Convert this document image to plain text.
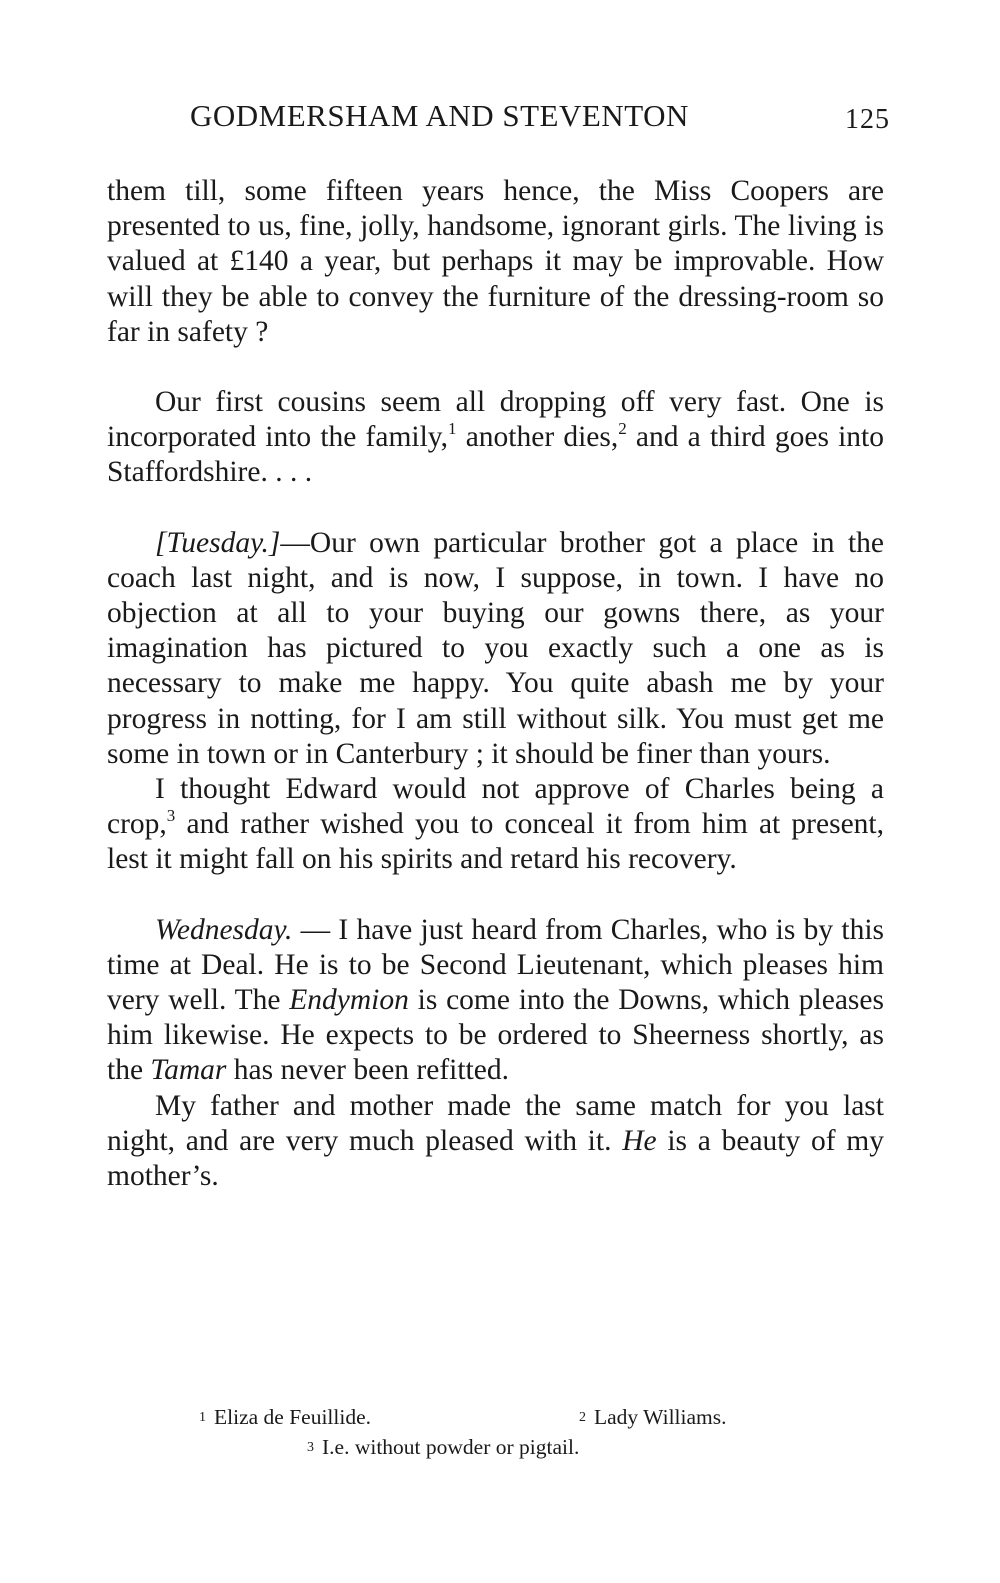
GODMERSHAM AND STEVENTON	125

them till, some fifteen years hence, the Miss Coopers are presented to us, fine, jolly, handsome, ignorant girls. The living is valued at £140 a year, but perhaps it may be improvable. How will they be able to convey the furniture of the dressing-room so far in safety ?

Our first cousins seem all dropping off very fast. One is incorporated into the family,$^1$ another dies,$^2$ and a third goes into Staffordshire. . . .

[Tuesday.]—Our own particular brother got a place in the coach last night, and is now, I suppose, in town. I have no objection at all to your buying our gowns there, as your imagination has pictured to you exactly such a one as is necessary to make me happy. You quite abash me by your progress in notting, for I am still without silk. You must get me some in town or in Canterbury ; it should be finer than yours.

I thought Edward would not approve of Charles being a crop,$^3$ and rather wished you to conceal it from him at present, lest it might fall on his spirits and retard his recovery.

Wednesday. — I have just heard from Charles, who is by this time at Deal. He is to be Second Lieutenant, which pleases him very well. The Endymion is come into the Downs, which pleases him likewise. He expects to be ordered to Sheerness shortly, as the Tamar has never been refitted.

My father and mother made the same match for you last night, and are very much pleased with it. He is a beauty of my mother’s.

1 Eliza de Feuillide.	2 Lady Williams.
3 I.e. without powder or pigtail.
